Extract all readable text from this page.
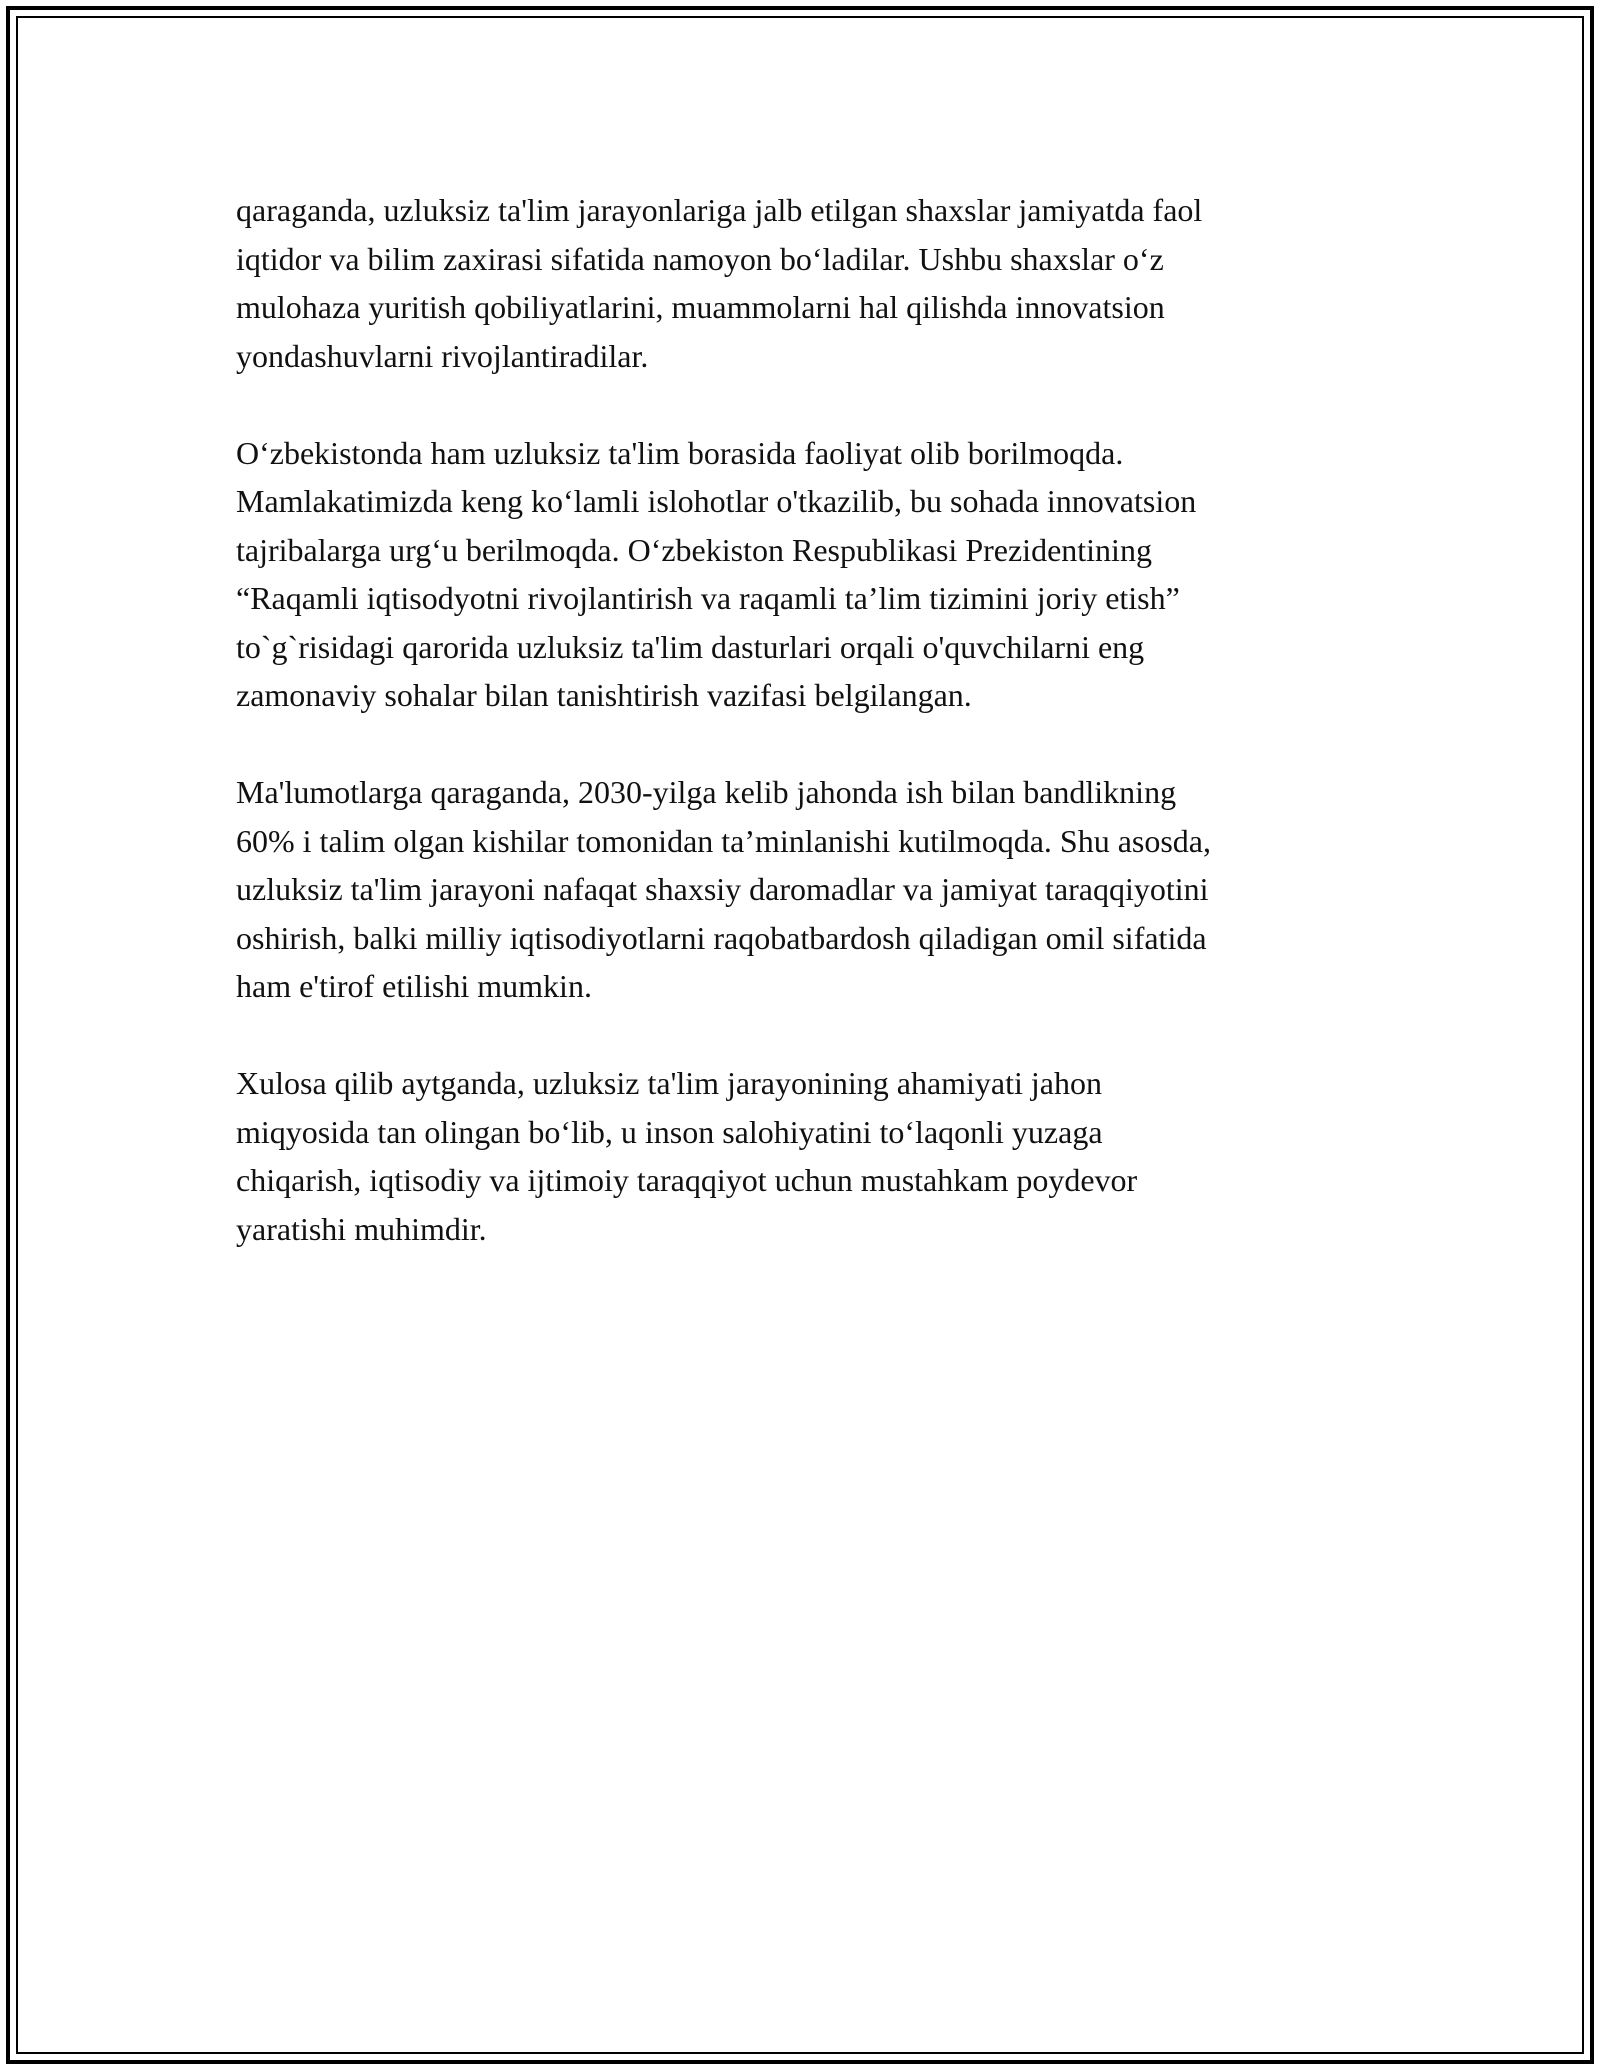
qaraganda, uzluksiz ta'lim jarayonlariga jalb etilgan shaxslar jamiyatda faol
iqtidor va bilim zaxirasi sifatida namoyon bo‘ladilar. Ushbu shaxslar o‘z
mulohaza yuritish qobiliyatlarini, muammolarni hal qilishda innovatsion
yondashuvlarni rivojlantiradilar.

O‘zbekistonda ham uzluksiz ta'lim borasida faoliyat olib borilmoqda.
Mamlakatimizda keng ko‘lamli islohotlar o'tkazilib, bu sohada innovatsion
tajribalarga urg‘u berilmoqda. O‘zbekiston Respublikasi Prezidentining
“Raqamli iqtisodyotni rivojlantirish va raqamli ta’lim tizimini joriy etish”
to`g`risidagi qarorida uzluksiz ta'lim dasturlari orqali o'quvchilarni eng
zamonaviy sohalar bilan tanishtirish vazifasi belgilangan.

Ma'lumotlarga qaraganda, 2030-yilga kelib jahonda ish bilan bandlikning
60% i talim olgan kishilar tomonidan ta’minlanishi kutilmoqda. Shu asosda,
uzluksiz ta'lim jarayoni nafaqat shaxsiy daromadlar va jamiyat taraqqiyotini
oshirish, balki milliy iqtisodiyotlarni raqobatbardosh qiladigan omil sifatida
ham e'tirof etilishi mumkin.

Xulosa qilib aytganda, uzluksiz ta'lim jarayonining ahamiyati jahon
miqyosida tan olingan bo‘lib, u inson salohiyatini to‘laqonli yuzaga
chiqarish, iqtisodiy va ijtimoiy taraqqiyot uchun mustahkam poydevor
yaratishi muhimdir.
